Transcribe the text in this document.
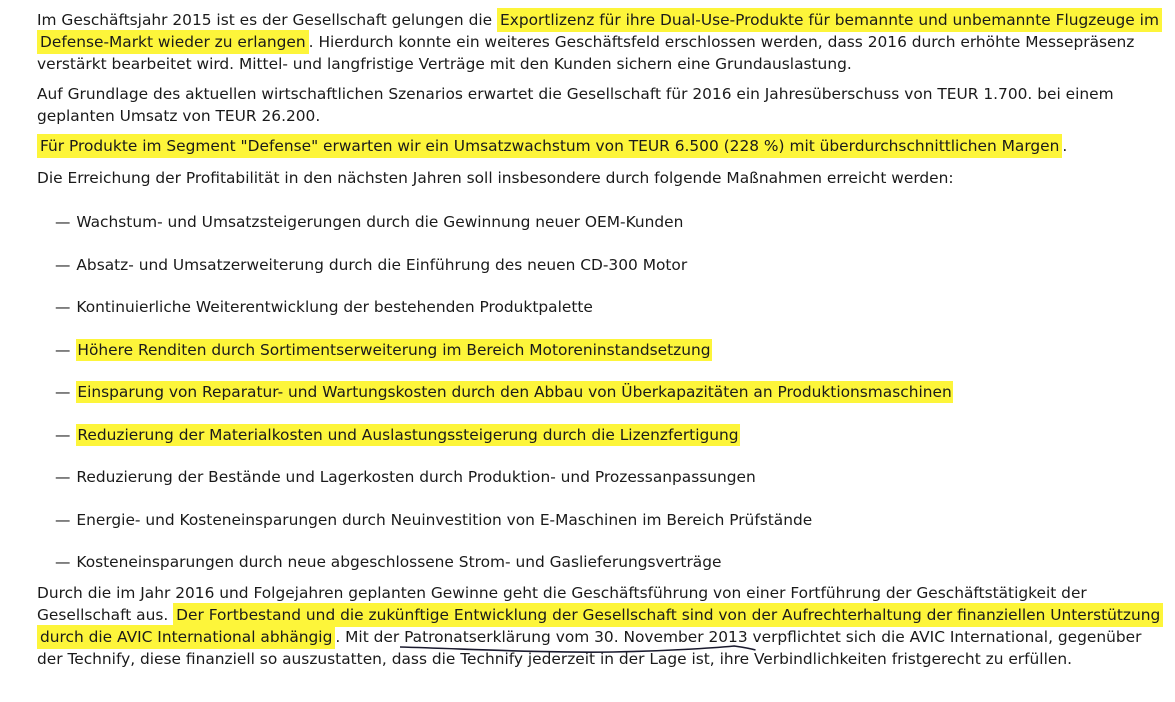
Im Geschäftsjahr 2015 ist es der Gesellschaft gelungen die Exportlizenz für ihre Dual-Use-Produkte für bemannte und unbemannte Flugzeuge im Defense-Markt wieder zu erlangen . Hierdurch konnte ein weiteres Geschäftsfeld erschlossen werden, dass 2016 durch erhöhte Messepräsenz verstärkt bearbeitet wird. Mittel- und langfristige Verträge mit den Kunden sichern eine Grundauslastung.

Auf Grundlage des aktuellen wirtschaftlichen Szenarios erwartet die Gesellschaft für 2016 ein Jahresüberschuss von TEUR 1.700. bei einem geplanten Umsatz von TEUR 26.200.

Für Produkte im Segment "Defense" erwarten wir ein Umsatzwachstum von TEUR 6.500 (228 %) mit überdurchschnittlichen Margen .

Die Erreichung der Profitabilität in den nächsten Jahren soll insbesondere durch folgende Maßnahmen erreicht werden:

— Wachstum- und Umsatzsteigerungen durch die Gewinnung neuer OEM-Kunden
— Absatz- und Umsatzerweiterung durch die Einführung des neuen CD-300 Motor
— Kontinuierliche Weiterentwicklung der bestehenden Produktpalette
— Höhere Renditen durch Sortimentserweiterung im Bereich Motoreninstandsetzung
— Einsparung von Reparatur- und Wartungskosten durch den Abbau von Überkapazitäten an Produktionsmaschinen
— Reduzierung der Materialkosten und Auslastungssteigerung durch die Lizenzfertigung
— Reduzierung der Bestände und Lagerkosten durch Produktion- und Prozessanpassungen
— Energie- und Kosteneinsparungen durch Neuinvestition von E-Maschinen im Bereich Prüfstände
— Kosteneinsparungen durch neue abgeschlossene Strom- und Gaslieferungsverträge

Durch die im Jahr 2016 und Folgejahren geplanten Gewinne geht die Geschäftsführung von einer Fortführung der Geschäftstätigkeit der Gesellschaft aus. Der Fortbestand und die zukünftige Entwicklung der Gesellschaft sind von der Aufrechterhaltung der finanziellen Unterstützung durch die AVIC International abhängig . Mit der Patronatserklärung vom 30. November 2013
verpflichtet sich die AVIC International, gegenüber der Technify, diese finanziell so auszustatten, dass die Technify jederzeit in der Lage ist, ihre Verbindlichkeiten fristgerecht zu erfüllen.
